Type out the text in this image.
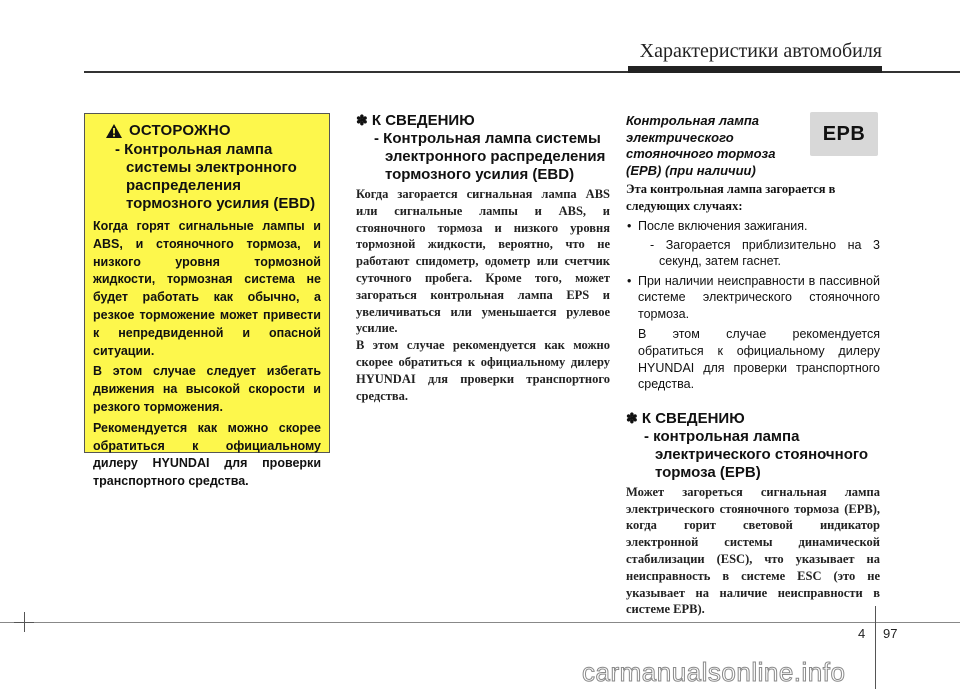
Характеристики автомобиля
ОСТОРОЖНО
- Контрольная лампа системы электронного распределения тормозного усилия (EBD)

Когда горят сигнальные лампы и ABS, и стояночного тормоза, и низкого уровня тормозной жидкости, тормозная система не будет работать как обычно, а резкое торможение может привести к непредвиденной и опасной ситуации.

В этом случае следует избегать движения на высокой скорости и резкого торможения.

Рекомендуется как можно скорее обратиться к официальному дилеру HYUNDAI для проверки транспортного средства.

✽ К СВЕДЕНИЮ
- Контрольная лампа системы электронного распределения тормозного усилия (EBD)

Когда загорается сигнальная лампа ABS или сигнальные лампы и ABS, и стояночного тормоза и низкого уровня тормозной жидкости, вероятно, что не работают спидометр, одометр или счетчик суточного пробега. Кроме того, может загораться контрольная лампа EPS и увеличиваться или уменьшается рулевое усилие.

В этом случае рекомендуется как можно скорее обратиться к официальному дилеру HYUNDAI для проверки транспортного средства.

Контрольная лампа электрического стояночного тормоза (EPB) (при наличии)
EPB

Эта контрольная лампа загорается в следующих случаях:

• После включения зажигания.
- Загорается приблизительно на 3 секунд, затем гаснет.
• При наличии неисправности в пассивной системе электрического стояночного тормоза.
В этом случае рекомендуется обратиться к официальному дилеру HYUNDAI для проверки транспортного средства.
✽ К СВЕДЕНИЮ
- контрольная лампа электрического стояночного тормоза (EPB)

Может загореться сигнальная лампа электрического стояночного тормоза (EPB), когда горит световой индикатор электронной системы динамической стабилизации (ESC), что указывает на неисправность в системе ESC (это не указывает на наличие неисправности в системе EPB).

4 97
carmanualsonline.info
